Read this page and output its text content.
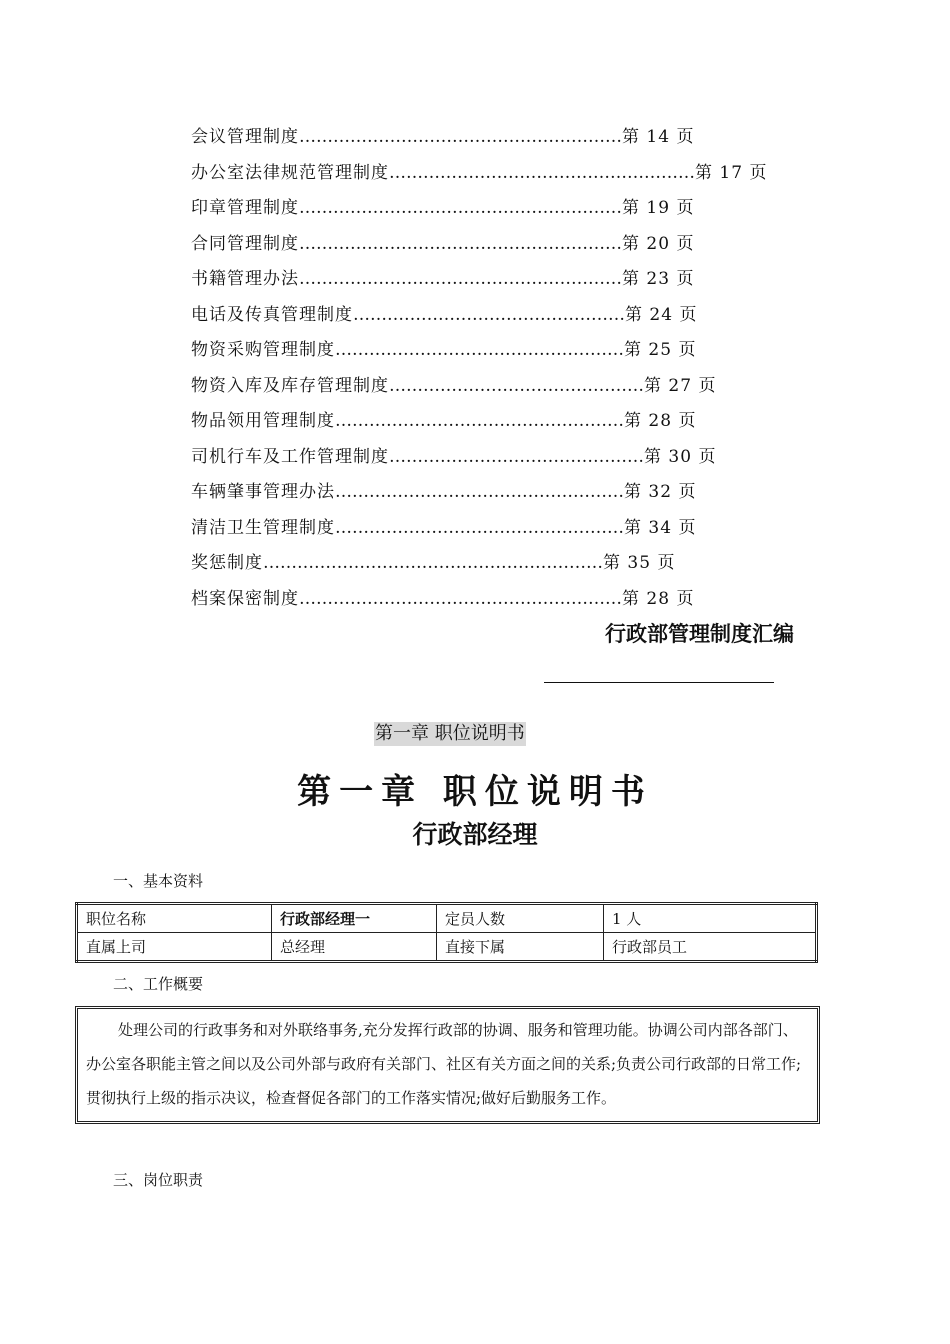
会议管理制度…………………………………………………第 14 页
办公室法律规范管理制度………………………………………………第 17 页
印章管理制度…………………………………………………第 19 页
合同管理制度…………………………………………………第 20 页
书籍管理办法…………………………………………………第 23 页
电话及传真管理制度…………………………………………第 24 页
物资采购管理制度……………………………………………第 25 页
物资入库及库存管理制度………………………………………第 27 页
物品领用管理制度……………………………………………第 28 页
司机行车及工作管理制度………………………………………第 30 页
车辆肇事管理办法……………………………………………第 32 页
清洁卫生管理制度……………………………………………第 34 页
奖惩制度……………………………………………………第 35 页
档案保密制度…………………………………………………第 28 页
行政部管理制度汇编
第一章 职位说明书
第一章 职位说明书
行政部经理
一、基本资料
职位名称	行政部经理一	定员人数	1 人
直属上司	总经理	直接下属	行政部员工
二、工作概要
处理公司的行政事务和对外联络事务,充分发挥行政部的协调、服务和管理功能。协调公司内部各部门、办公室各职能主管之间以及公司外部与政府有关部门、社区有关方面之间的关系;负责公司行政部的日常工作;贯彻执行上级的指示决议，检查督促各部门的工作落实情况;做好后勤服务工作。
三、岗位职责
